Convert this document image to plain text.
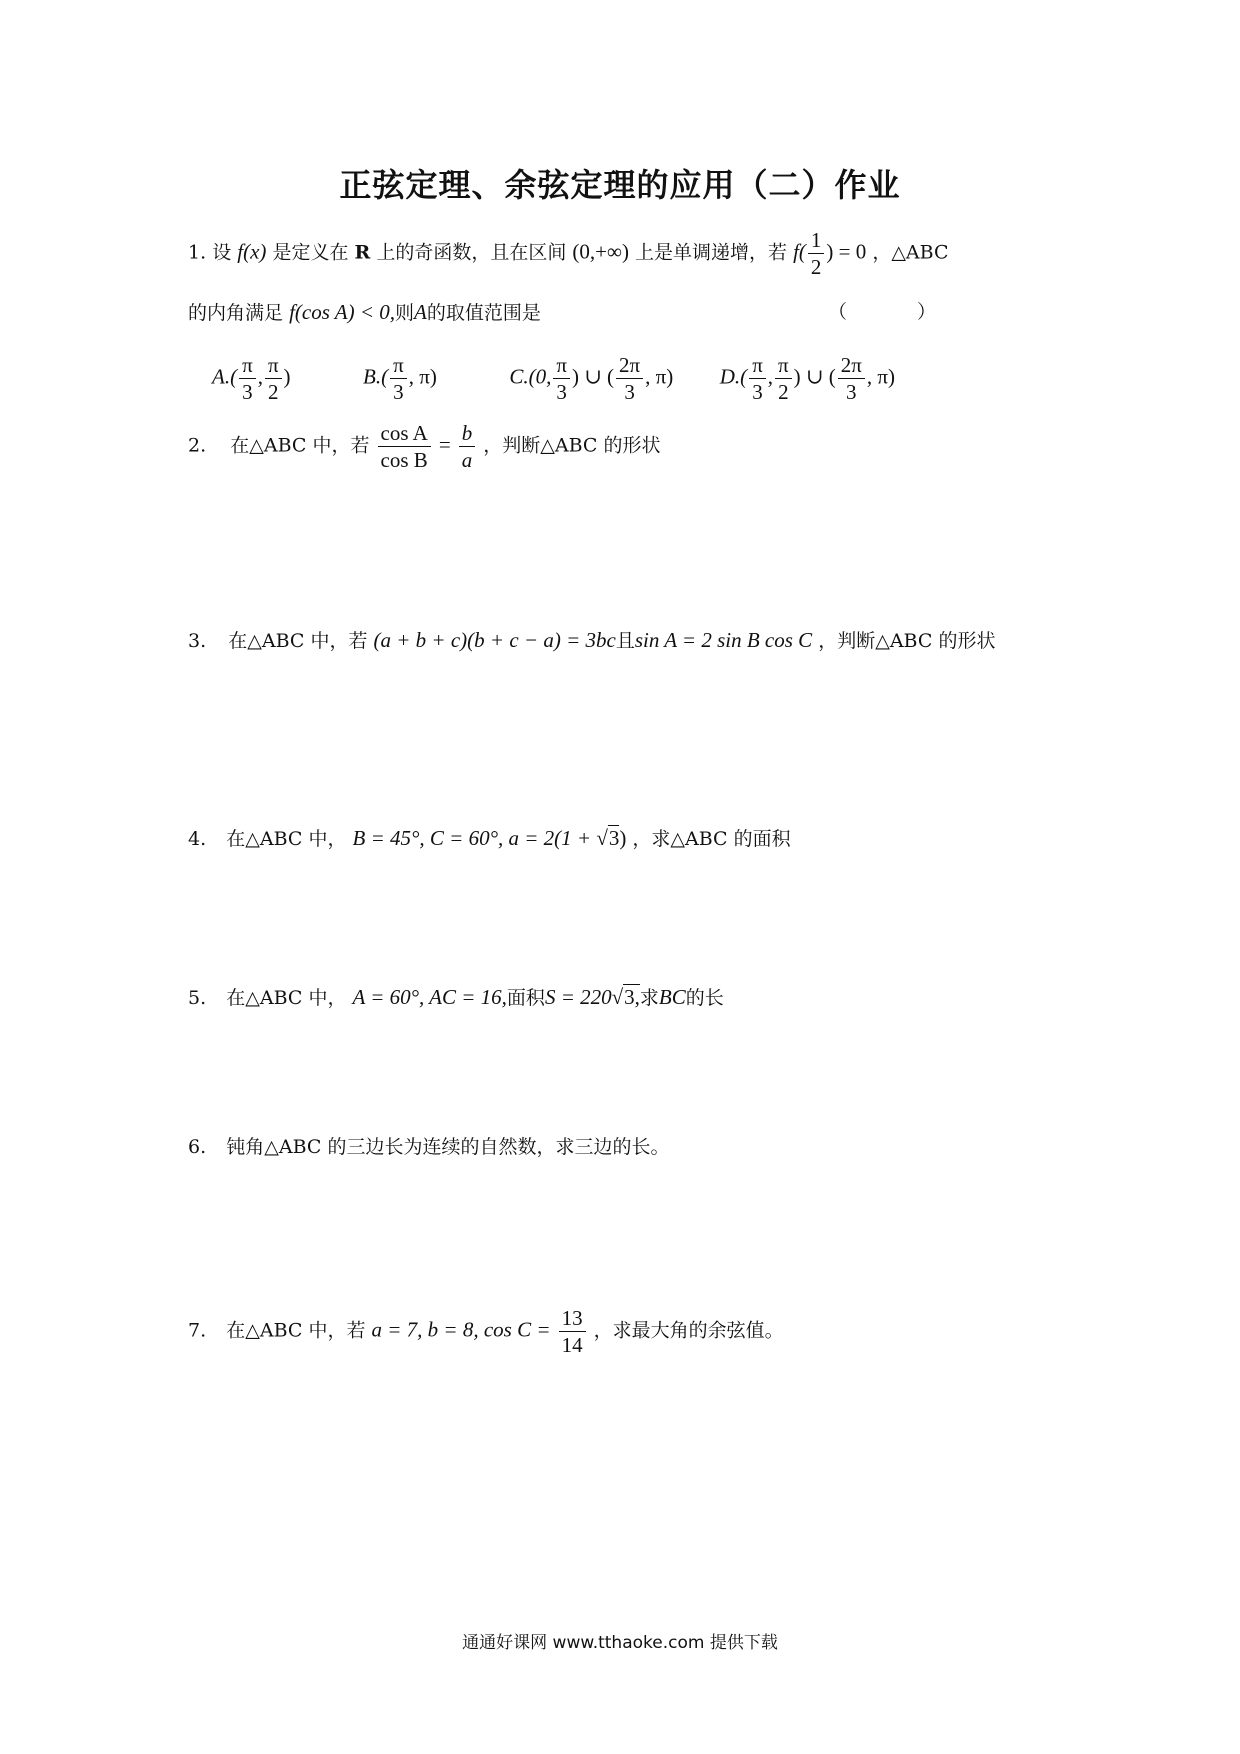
正弦定理、余弦定理的应用（二）作业
1. 设 f(x) 是定义在 R 上的奇函数，且在区间 (0,+∞) 上是单调递增，若 $f( \frac{1}{2}$ ) = 0 ，△ABC
的内角满足 f(cos A) < 0,则A的取值范围是	（	）
$A.( \frac{\pi}{3}$ , $\frac{\pi}{2}$ )	$B.( \frac{\pi}{3}$ , π)	C.(0, $\frac{\pi}{3}$ ) ∪ ( $\frac{2\pi}{3}$ , π) $D.( \frac{\pi}{3}$ , $\frac{\pi}{2}$ ) ∪ ( $\frac{2\pi}{3}$ , π)
2. 在△ABC 中，若 $\frac{\text{cos A}}{\text{cos B}} = \frac{b}{a}$ ，判断△ABC 的形状
3. 在△ABC 中，若 (a + b + c)(b + c − a) = 3bc且sin A = 2 sin B cos C ，判断△ABC 的形状
4. 在△ABC 中， B = 45°, C = 60°, a = 2(1 + √3) ，求△ABC 的面积
5. 在△ABC 中， A = 60°, AC = 16,面积S = 220√3,求BC的长
6. 钝角△ABC 的三边长为连续的自然数，求三边的长。
7. 在△ABC 中，若 a = 7, b = 8, $\cos C = \frac{13}{14}$ ，求最大角的余弦值。
通通好课网 www.tthaoke.com 提供下载
